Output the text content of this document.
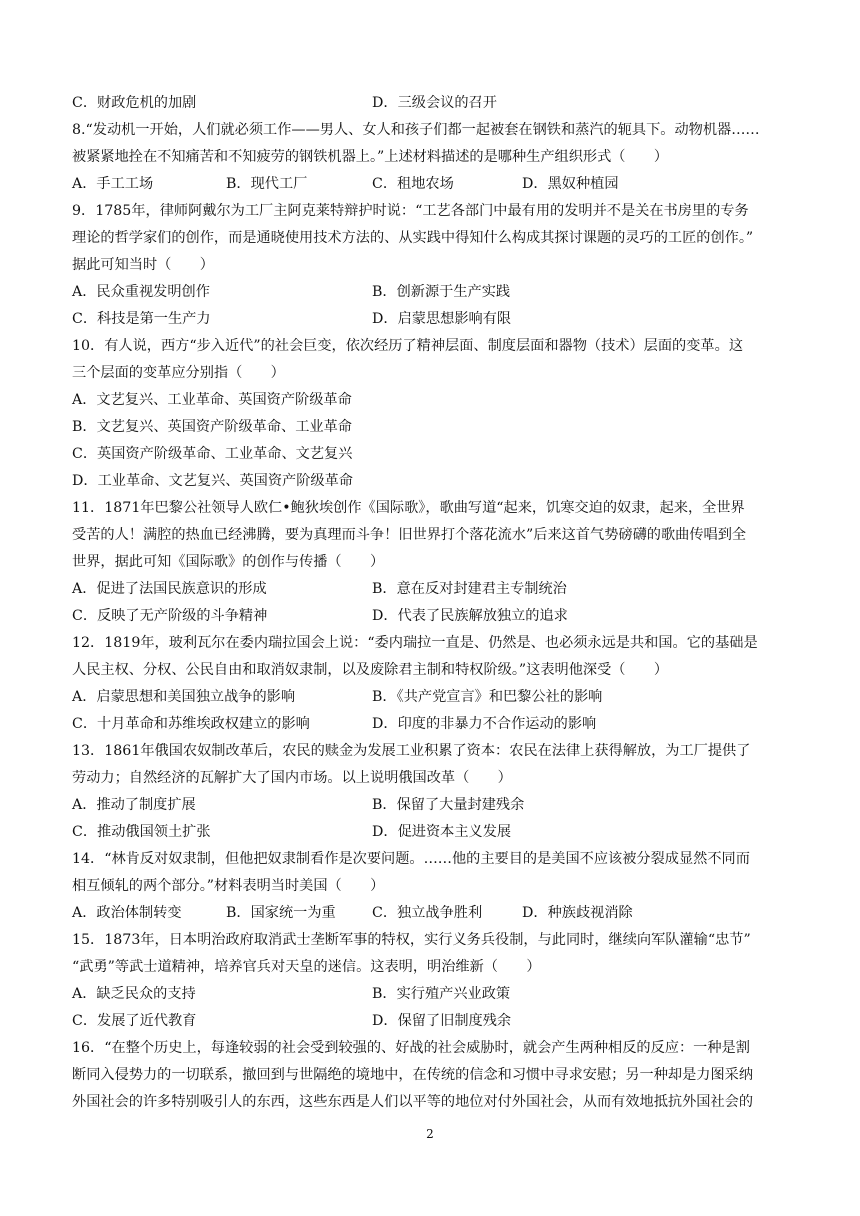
C．财政危机的加剧	D．三级会议的召开
8.“发动机一开始，人们就必须工作——男人、女人和孩子们都一起被套在钢铁和蒸汽的轭具下。动物机器……
被紧紧地拴在不知痛苦和不知疲劳的钢铁机器上。”上述材料描述的是哪种生产组织形式（　　）
A．手工工场	B．现代工厂	C．租地农场	D．黑奴种植园
9．1785年，律师阿戴尔为工厂主阿克莱特辩护时说：“工艺各部门中最有用的发明并不是关在书房里的专务
理论的哲学家们的创作，而是通晓使用技术方法的、从实践中得知什么构成其探讨课题的灵巧的工匠的创作。”
据此可知当时（　　）
A．民众重视发明创作	B．创新源于生产实践
C．科技是第一生产力	D．启蒙思想影响有限
10．有人说，西方“步入近代”的社会巨变，依次经历了精神层面、制度层面和器物（技术）层面的变革。这
三个层面的变革应分别指（　　）
A．文艺复兴、工业革命、英国资产阶级革命
B．文艺复兴、英国资产阶级革命、工业革命
C．英国资产阶级革命、工业革命、文艺复兴
D．工业革命、文艺复兴、英国资产阶级革命
11．1871年巴黎公社领导人欧仁•鲍狄埃创作《国际歌》，歌曲写道“起来，饥寒交迫的奴隶，起来，全世界
受苦的人！满腔的热血已经沸腾，要为真理而斗争！旧世界打个落花流水”后来这首气势磅礴的歌曲传唱到全
世界，据此可知《国际歌》的创作与传播（　　）
A．促进了法国民族意识的形成	B．意在反对封建君主专制统治
C．反映了无产阶级的斗争精神	D．代表了民族解放独立的追求
12．1819年，玻利瓦尔在委内瑞拉国会上说：“委内瑞拉一直是、仍然是、也必须永远是共和国。它的基础是
人民主权、分权、公民自由和取消奴隶制，以及废除君主制和特权阶级。”这表明他深受（　　）
A．启蒙思想和美国独立战争的影响	B．《共产党宣言》和巴黎公社的影响
C．十月革命和苏维埃政权建立的影响	D．印度的非暴力不合作运动的影响
13．1861年俄国农奴制改革后，农民的赎金为发展工业积累了资本：农民在法律上获得解放，为工厂提供了
劳动力；自然经济的瓦解扩大了国内市场。以上说明俄国改革（　　）
A．推动了制度扩展	B．保留了大量封建残余
C．推动俄国领土扩张	D．促进资本主义发展
14．“林肯反对奴隶制，但他把奴隶制看作是次要问题。……他的主要目的是美国不应该被分裂成显然不同而
相互倾轧的两个部分。”材料表明当时美国（　　）
A．政治体制转变	B．国家统一为重	C．独立战争胜利	D．种族歧视消除
15．1873年，日本明治政府取消武士垄断军事的特权，实行义务兵役制，与此同时，继续向军队灌输“忠节”
“武勇”等武士道精神，培养官兵对天皇的迷信。这表明，明治维新（　　）
A．缺乏民众的支持	B．实行殖产兴业政策
C．发展了近代教育	D．保留了旧制度残余
16．“在整个历史上，每逢较弱的社会受到较强的、好战的社会威胁时，就会产生两种相反的反应：一种是割
断同入侵势力的一切联系，撤回到与世隔绝的境地中，在传统的信念和习惯中寻求安慰；另一种却是力图采纳
外国社会的许多特别吸引人的东西，这些东西是人们以平等的地位对付外国社会，从而有效地抵抗外国社会的
2
